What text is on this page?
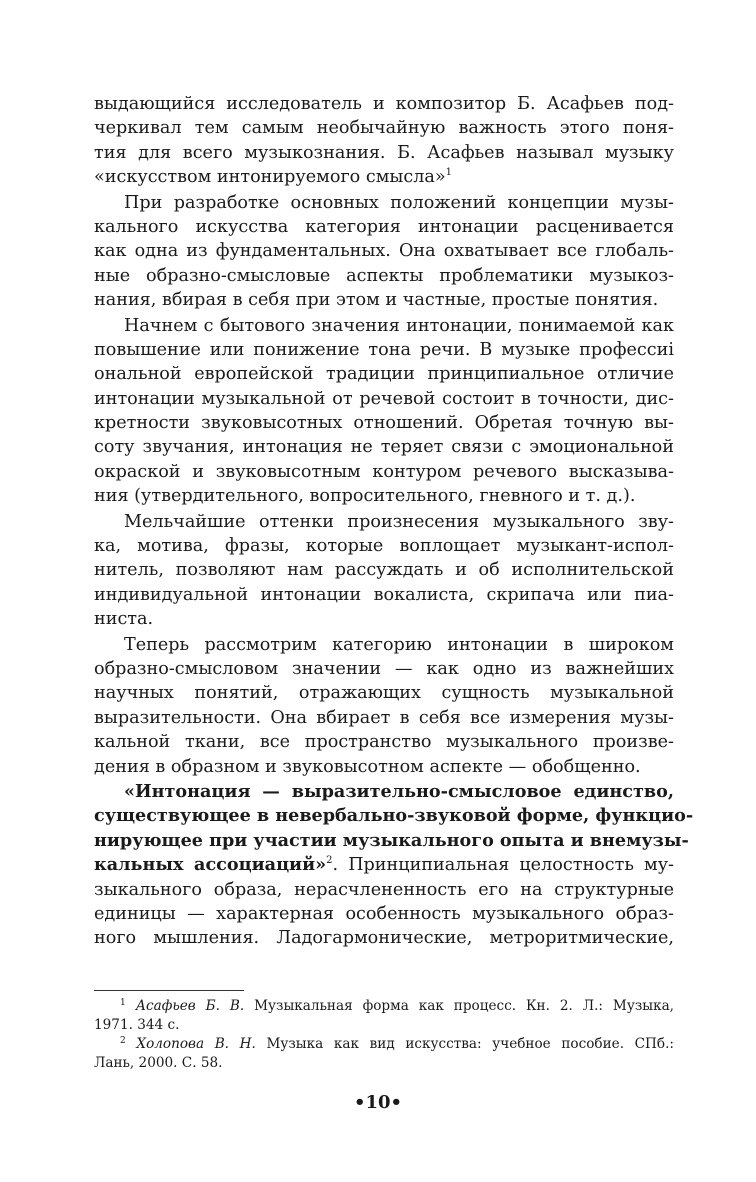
выдающийся исследователь и композитор Б. Асафьев под-
черкивал тем самым необычайную важность этого поня-
тия для всего музыкознания. Б. Асафьев называл музыку
«искусством интонируемого смысла»$^1$
При разработке основных положений концепции музы-
кального искусства категория интонации расценивается
как одна из фундаментальных. Она охватывает все глобаль-
ные образно-смысловые аспекты проблематики музыкоз-
нания, вбирая в себя при этом и частные, простые понятия.
Начнем с бытового значения интонации, понимаемой как
повышение или понижение тона речи. В музыке профессиі
ональной европейской традиции принципиальное отличие
интонации музыкальной от речевой состоит в точности, дис-
кретности звуковысотных отношений. Обретая точную вы-
соту звучания, интонация не теряет связи с эмоциональной
окраской и звуковысотным контуром речевого высказыва-
ния (утвердительного, вопросительного, гневного и т. д.).
Мельчайшие оттенки произнесения музыкального зву-
ка, мотива, фразы, которые воплощает музыкант-испол-
нитель, позволяют нам рассуждать и об исполнительской
индивидуальной интонации вокалиста, скрипача или пиа-
ниста.
Теперь рассмотрим категорию интонации в широком
образно-смысловом значении — как одно из важнейших
научных понятий, отражающих сущность музыкальной
выразительности. Она вбирает в себя все измерения музы-
кальной ткани, все пространство музыкального произве-
дения в образном и звуковысотном аспекте — обобщенно.
«Интонация — выразительно-смысловое единство,
существующее в невербально-звуковой форме, функцио-
нирующее при участии музыкального опыта и внемузы-
кальных ассоциаций»$^2$. Принципиальная целостность му-
зыкального образа, нерасчлененность его на структурные
единицы — характерная особенность музыкального образ-
ного мышления. Ладогармонические, метроритмические,
$^1$ Асафьев Б. В. Музыкальная форма как процесс. Кн. 2. Л.: Музыка,
1971. 344 с.
$^2$ Холопова В. Н. Музыка как вид искусства: учебное пособие. СПб.:
Лань, 2000. С. 58.
•10•
